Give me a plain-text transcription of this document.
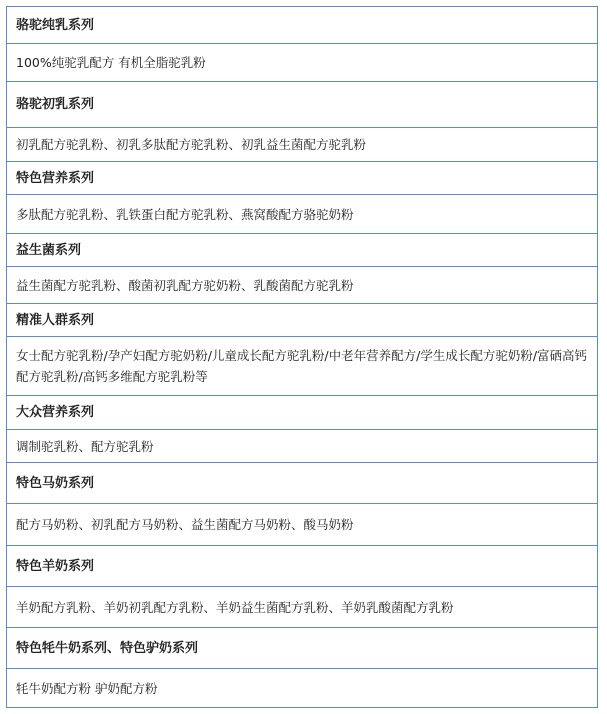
骆驼纯乳系列
100%纯驼乳配方 有机全脂驼乳粉
骆驼初乳系列
初乳配方驼乳粉、初乳多肽配方驼乳粉、初乳益生菌配方驼乳粉
特色营养系列
多肽配方驼乳粉、乳铁蛋白配方驼乳粉、燕窝酸配方骆驼奶粉
益生菌系列
益生菌配方驼乳粉、酸菌初乳配方驼奶粉、乳酸菌配方驼乳粉
精准人群系列
女士配方驼乳粉/孕产妇配方驼奶粉/儿童成长配方驼乳粉/中老年营养配方/学生成长配方驼奶粉/富硒高钙配方驼乳粉/高钙多维配方驼乳粉等
大众营养系列
调制驼乳粉、配方驼乳粉
特色马奶系列
配方马奶粉、初乳配方马奶粉、益生菌配方马奶粉、酸马奶粉
特色羊奶系列
羊奶配方乳粉、羊奶初乳配方乳粉、羊奶益生菌配方乳粉、羊奶乳酸菌配方乳粉
特色牦牛奶系列、特色驴奶系列
牦牛奶配方粉 驴奶配方粉
